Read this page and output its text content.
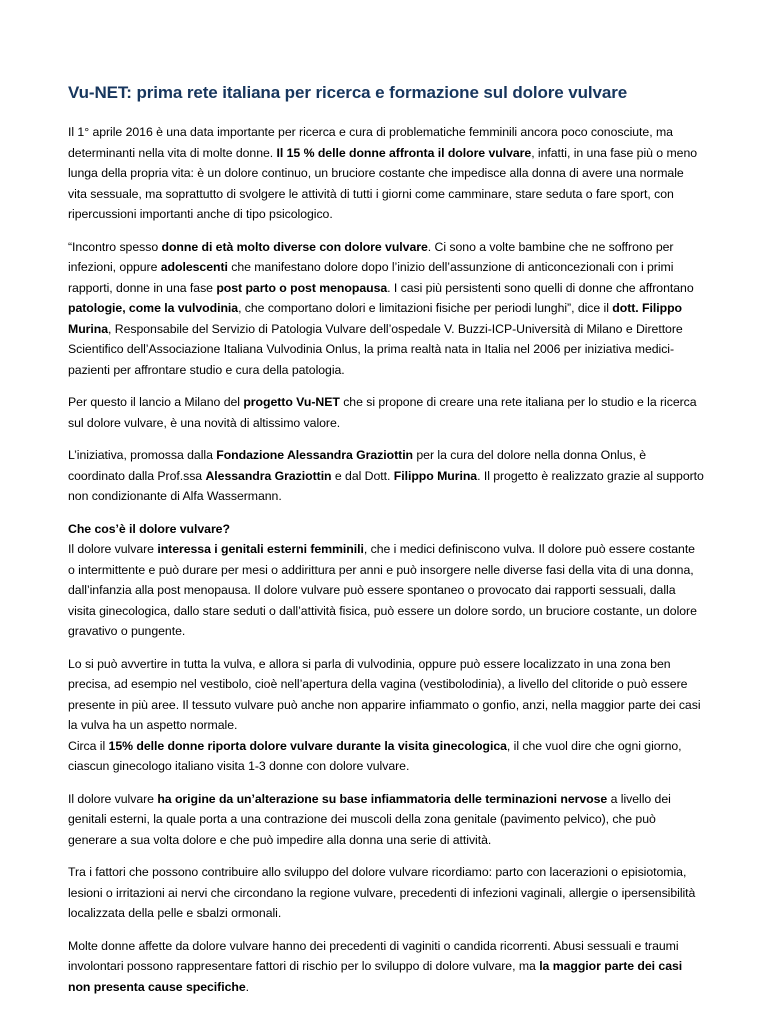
Vu-NET: prima rete italiana per ricerca e formazione sul dolore vulvare

Il 1° aprile 2016 è una data importante per ricerca e cura di problematiche femminili ancora poco conosciute, ma determinanti nella vita di molte donne. Il 15 % delle donne affronta il dolore vulvare, infatti, in una fase più o meno lunga della propria vita: è un dolore continuo, un bruciore costante che impedisce alla donna di avere una normale vita sessuale, ma soprattutto di svolgere le attività di tutti i giorni come camminare, stare seduta o fare sport, con ripercussioni importanti anche di tipo psicologico.

“Incontro spesso donne di età molto diverse con dolore vulvare. Ci sono a volte bambine che ne soffrono per infezioni, oppure adolescenti che manifestano dolore dopo l’inizio dell’assunzione di anticoncezionali con i primi rapporti, donne in una fase post parto o post menopausa. I casi più persistenti sono quelli di donne che affrontano patologie, come la vulvodinia, che comportano dolori e limitazioni fisiche per periodi lunghi”, dice il dott. Filippo Murina, Responsabile del Servizio di Patologia Vulvare dell’ospedale V. Buzzi-ICP-Università di Milano e Direttore Scientifico dell’Associazione Italiana Vulvodinia Onlus, la prima realtà nata in Italia nel 2006 per iniziativa medici-pazienti per affrontare studio e cura della patologia.

Per questo il lancio a Milano del progetto Vu-NET che si propone di creare una rete italiana per lo studio e la ricerca sul dolore vulvare, è una novità di altissimo valore.

L’iniziativa, promossa dalla Fondazione Alessandra Graziottin per la cura del dolore nella donna Onlus, è coordinato dalla Prof.ssa Alessandra Graziottin e dal Dott. Filippo Murina. Il progetto è realizzato grazie al supporto non condizionante di Alfa Wassermann.

Che cos’è il dolore vulvare?

Il dolore vulvare interessa i genitali esterni femminili, che i medici definiscono vulva. Il dolore può essere costante o intermittente e può durare per mesi o addirittura per anni e può insorgere nelle diverse fasi della vita di una donna, dall’infanzia alla post menopausa. Il dolore vulvare può essere spontaneo o provocato dai rapporti sessuali, dalla visita ginecologica, dallo stare seduti o dall’attività fisica, può essere un dolore sordo, un bruciore costante, un dolore gravativo o pungente.

Lo si può avvertire in tutta la vulva, e allora si parla di vulvodinia, oppure può essere localizzato in una zona ben precisa, ad esempio nel vestibolo, cioè nell’apertura della vagina (vestibolodinia), a livello del clitoride o può essere presente in più aree. Il tessuto vulvare può anche non apparire infiammato o gonfio, anzi, nella maggior parte dei casi la vulva ha un aspetto normale.

Circa il 15% delle donne riporta dolore vulvare durante la visita ginecologica, il che vuol dire che ogni giorno, ciascun ginecologo italiano visita 1-3 donne con dolore vulvare.

Il dolore vulvare ha origine da un’alterazione su base infiammatoria delle terminazioni nervose a livello dei genitali esterni, la quale porta a una contrazione dei muscoli della zona genitale (pavimento pelvico), che può generare a sua volta dolore e che può impedire alla donna una serie di attività.

Tra i fattori che possono contribuire allo sviluppo del dolore vulvare ricordiamo: parto con lacerazioni o episiotomia, lesioni o irritazioni ai nervi che circondano la regione vulvare, precedenti di infezioni vaginali, allergie o ipersensibilità localizzata della pelle e sbalzi ormonali.

Molte donne affette da dolore vulvare hanno dei precedenti di vaginiti o candida ricorrenti. Abusi sessuali e traumi involontari possono rappresentare fattori di rischio per lo sviluppo di dolore vulvare, ma la maggior parte dei casi non presenta cause specifiche.
